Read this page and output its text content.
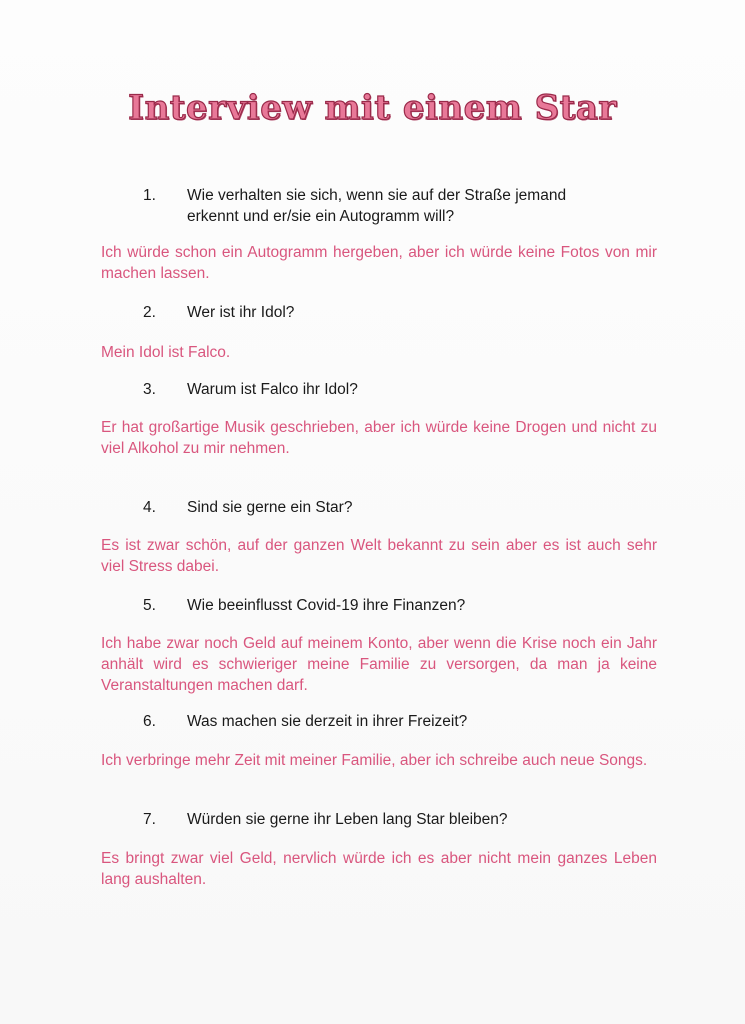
Interview mit einem Star
1.	Wie verhalten sie sich, wenn sie auf der Straße jemand erkennt und er/sie ein Autogramm will?
Ich würde schon ein Autogramm hergeben, aber ich würde keine Fotos von mir machen lassen.
2.	Wer ist ihr Idol?
Mein Idol ist Falco.
3.	Warum ist Falco ihr Idol?
Er hat großartige Musik geschrieben, aber ich würde keine Drogen und nicht zu viel Alkohol zu mir nehmen.
4.	Sind sie gerne ein Star?
Es ist zwar schön, auf der ganzen Welt bekannt zu sein aber es ist auch sehr viel Stress dabei.
5.	Wie beeinflusst Covid-19 ihre Finanzen?
Ich habe zwar noch Geld auf meinem Konto, aber wenn die Krise noch ein Jahr anhält wird es schwieriger meine Familie zu versorgen, da man ja keine Veranstaltungen machen darf.
6.	Was machen sie derzeit in ihrer Freizeit?
Ich verbringe mehr Zeit mit meiner Familie, aber ich schreibe auch neue Songs.
7.	Würden sie gerne ihr Leben lang Star bleiben?
Es bringt zwar viel Geld, nervlich würde ich es aber nicht mein ganzes Leben lang aushalten.
